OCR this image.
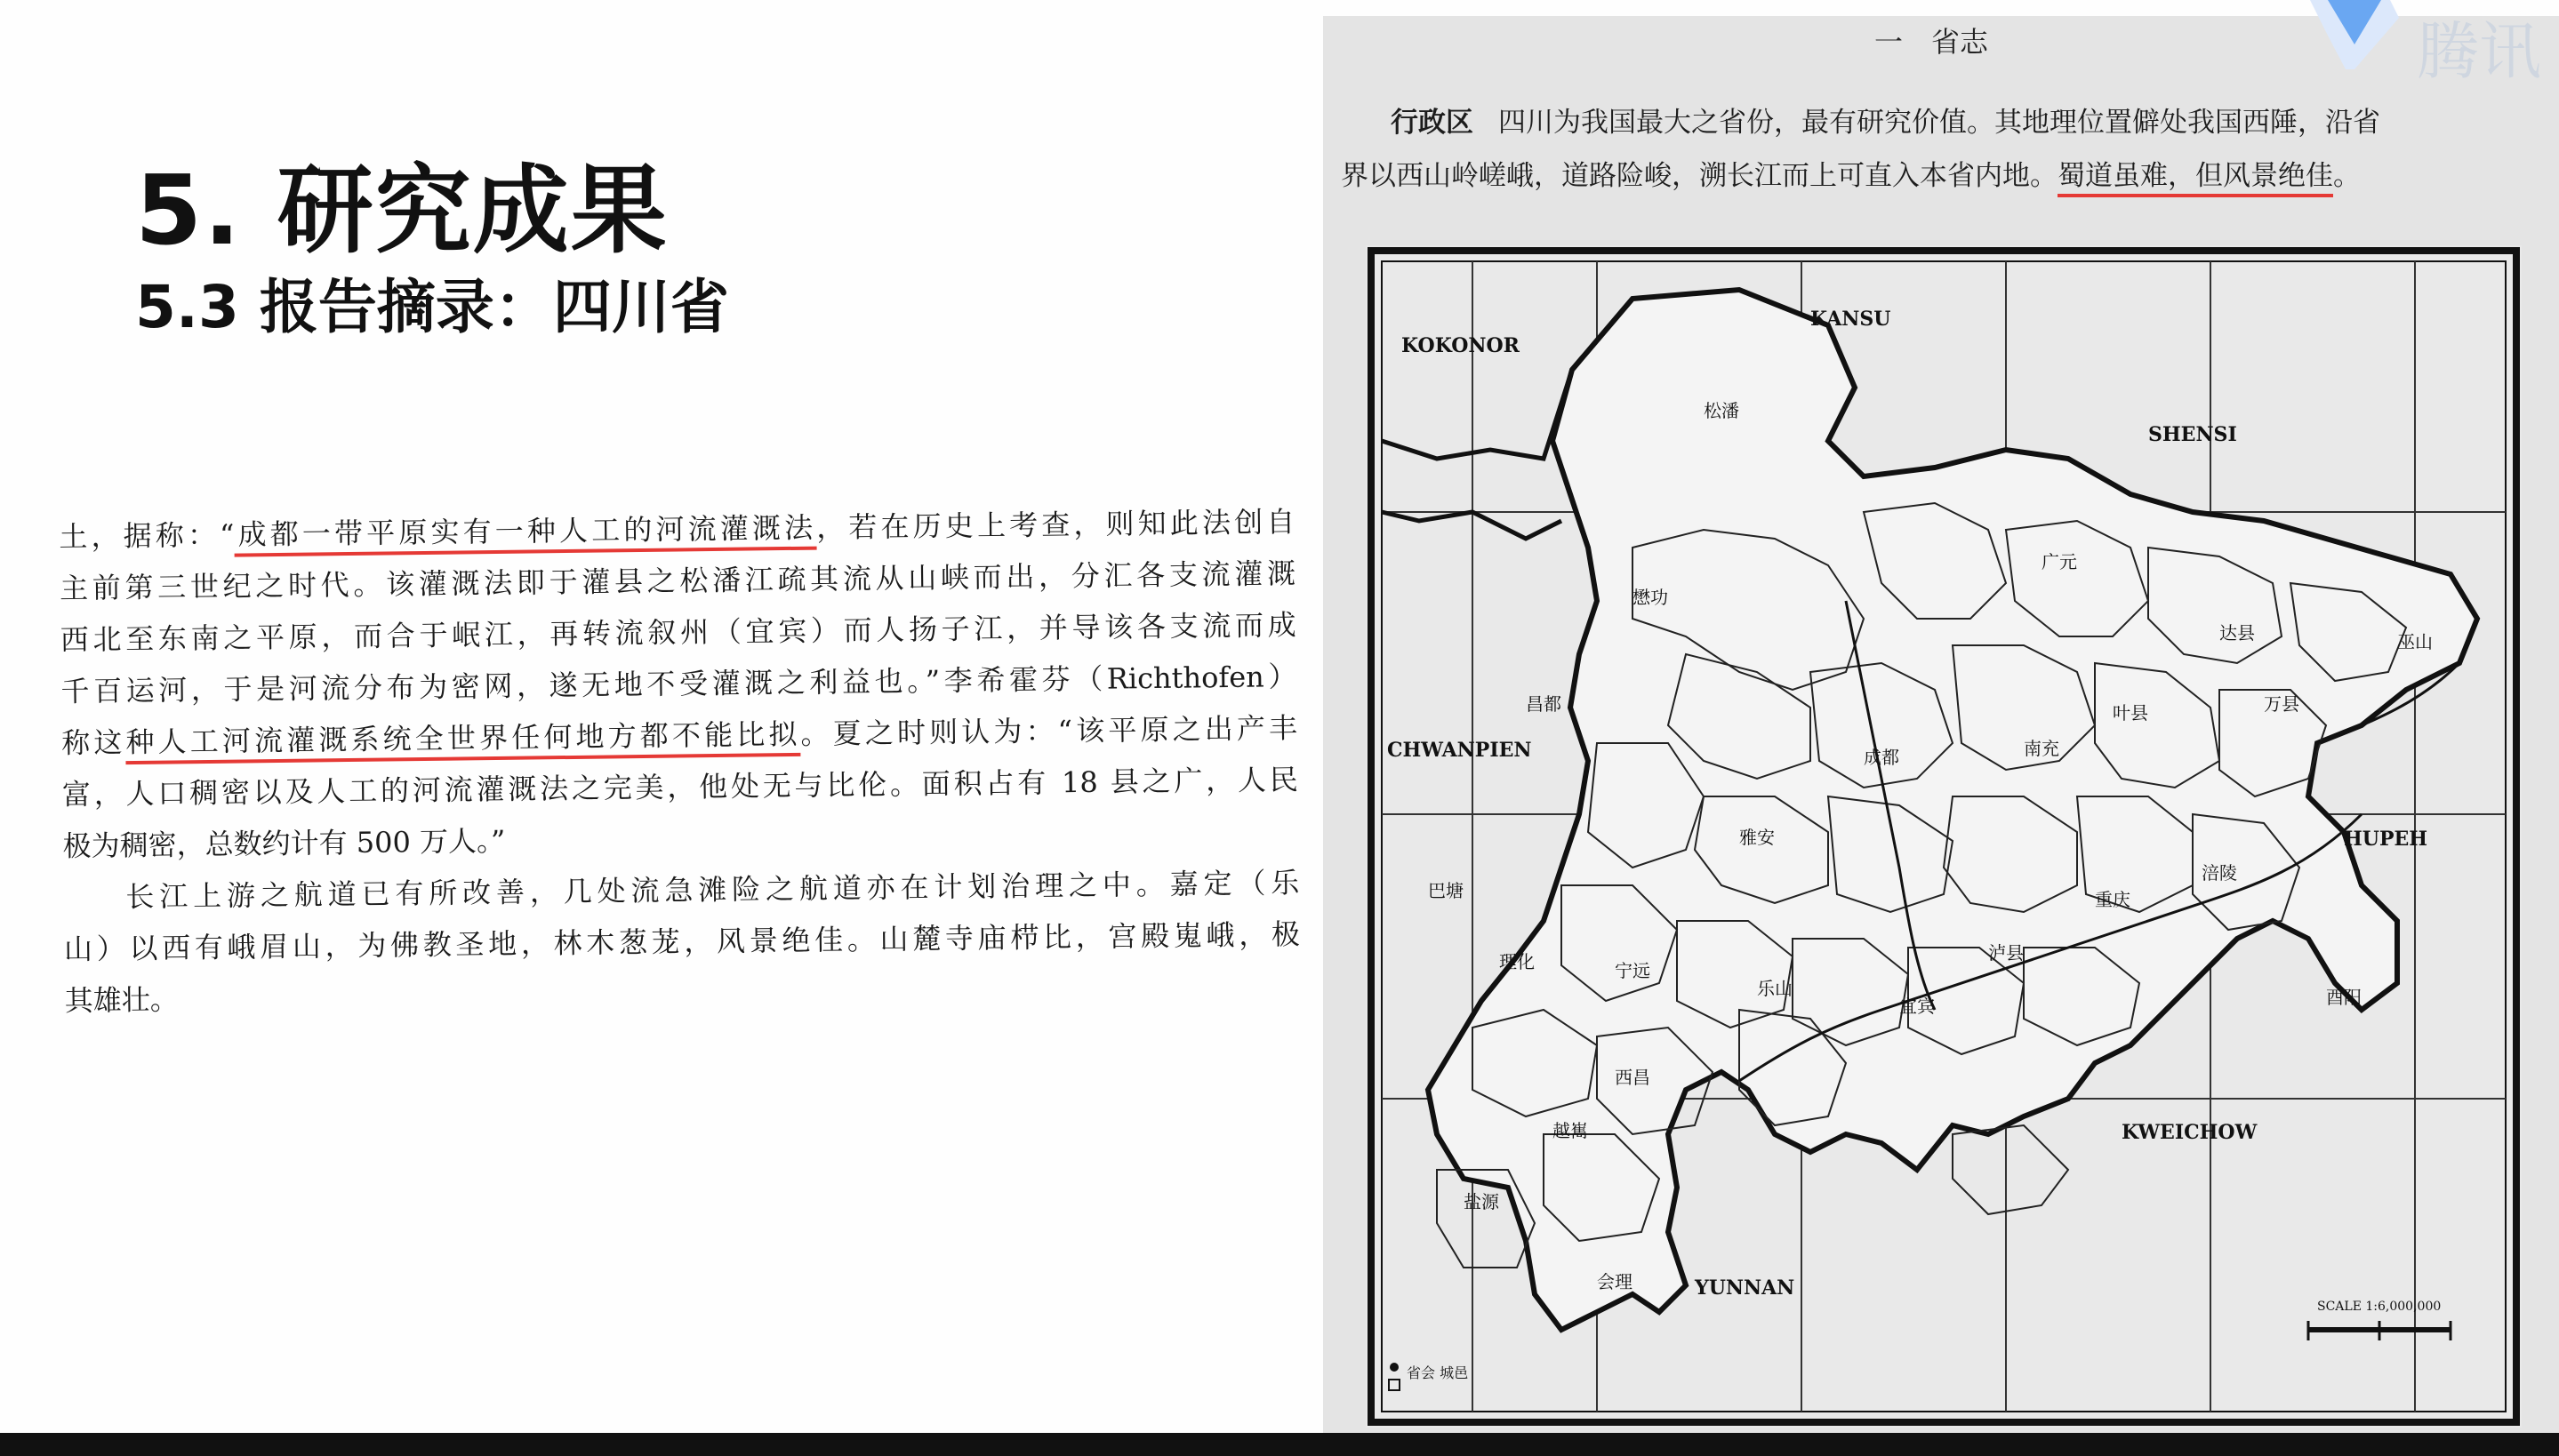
5. 研究成果
5.3 报告摘录：四川省
土，据称：“成都一带平原实有一种人工的河流灌溉法，若在历史上考查，则知此法创自
主前第三世纪之时代。该灌溉法即于灌县之松潘江疏其流从山峡而出，分汇各支流灌溉
西北至东南之平原，而合于岷江，再转流叙州（宜宾）而人扬子江，并导该各支流而成
千百运河，于是河流分布为密网，遂无地不受灌溉之利益也。”李希霍芬（Richthofen）
称这种人工河流灌溉系统全世界任何地方都不能比拟。夏之时则认为：“该平原之出产丰
富，人口稠密以及人工的河流灌溉法之完美，他处无与比伦。面积占有 18 县之广，人民
极为稠密，总数约计有 500 万人。”
长江上游之航道已有所改善，几处流急滩险之航道亦在计划治理之中。嘉定（乐
山）以西有峨眉山，为佛教圣地，林木葱茏，风景绝佳。山麓寺庙栉比，宫殿嵬峨，极
其雄壮。
一　省志
行政区 四川为我国最大之省份，最有研究价值。其地理位置僻处我国西陲，沿省
界以西山岭嵯峨，道路险峻，溯长江而上可直入本省内地。蜀道虽难，但风景绝佳。
KOKONOR
KANSU
SHENSI
CHWANPIEN
HUPEH
KWEICHOW
YUNNAN
松潘
懋功
成都
雅安
叶县
昌都
宁远
西昌
会理
宜宾
泸县
重庆
万县
巫山
酉阳
南充
广元
达县
涪陵
乐山
盐源
巴塘
理化
越嶲
SCALE 1:6,000,000
省会 城邑
腾讯
